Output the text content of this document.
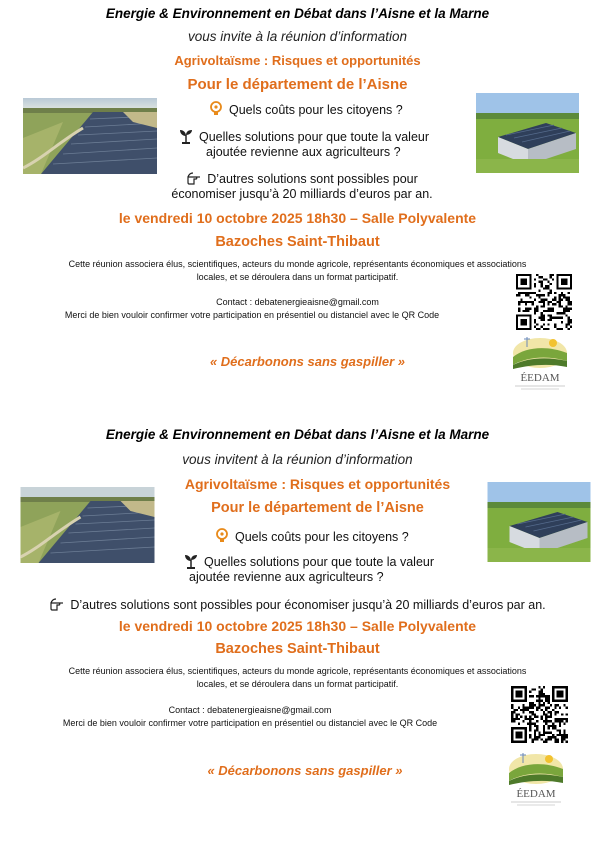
Energie & Environnement en Débat dans l’Aisne et la Marne
vous invite à la réunion d’information
Agrivoltaïsme : Risques et opportunités
Pour le département de l’Aisne
Quels coûts pour les citoyens ?
Quelles solutions pour que toute la valeur
ajoutée revienne aux agriculteurs ?
D’autres solutions sont possibles pour
économiser jusqu’à 20 milliards d’euros par an.
le vendredi 10 octobre 2025 18h30 – Salle Polyvalente
Bazoches Saint-Thibaut
Cette réunion associera élus, scientifiques, acteurs du monde agricole, représentants économiques et associations
locales, et se déroulera dans un format participatif.
Contact : debatenergieaisne@gmail.com
Merci de bien vouloir confirmer votre participation en présentiel ou distanciel avec le QR Code
« Décarbonons sans gaspiller »
ÉEDAM
Energie & Environnement en Débat dans l’Aisne et la Marne
vous invitent à la réunion d’information
Agrivoltaïsme : Risques et opportunités
Pour le département de l’Aisne
Quels coûts pour les citoyens ?
Quelles solutions pour que toute la valeur
ajoutée revienne aux agriculteurs ?
D’autres solutions sont possibles pour économiser jusqu’à 20 milliards d’euros par an.
le vendredi 10 octobre 2025 18h30 – Salle Polyvalente
Bazoches Saint-Thibaut
Cette réunion associera élus, scientifiques, acteurs du monde agricole, représentants économiques et associations
locales, et se déroulera dans un format participatif.
Contact : debatenergieaisne@gmail.com
Merci de bien vouloir confirmer votre participation en présentiel ou distanciel avec le QR Code
« Décarbonons sans gaspiller »
ÉEDAM
